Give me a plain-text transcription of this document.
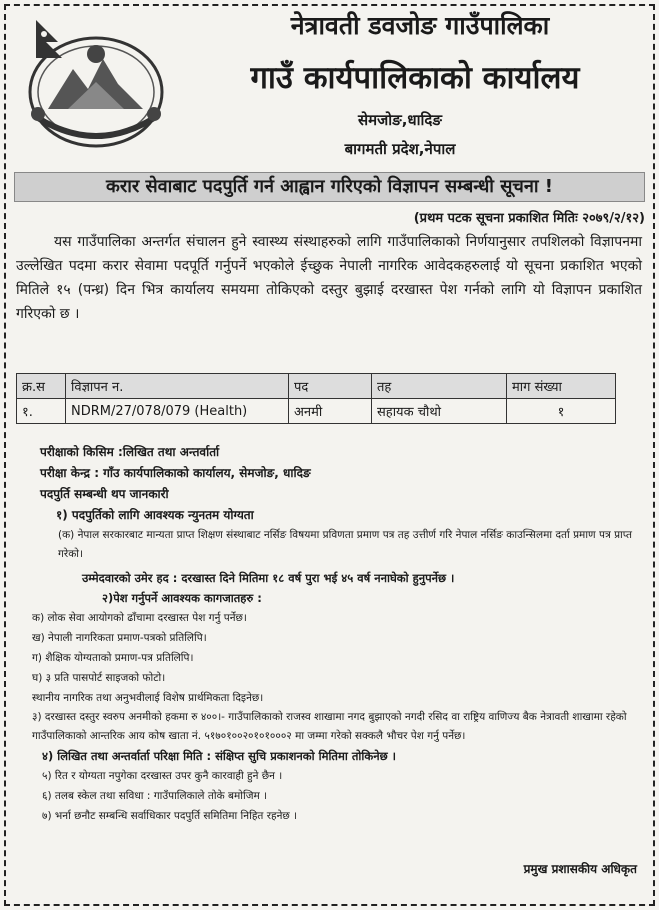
नेत्रावती डवजोङ गाउँपालिका
गाउँ कार्यपालिकाको कार्यालय
सेमजोङ,धादिङ
बागमती प्रदेश,नेपाल
करार सेवाबाट पदपुर्ति गर्न आह्वान गरिएको विज्ञापन सम्बन्धी सूचना !
(प्रथम पटक सूचना प्रकाशित मितिः २०७९/२/१२)

यस गाउँपालिका अन्तर्गत संचालन हुने स्वास्थ्य संस्थाहरुको लागि गाउँपालिकाको निर्णयानुसार तपशिलको विज्ञापनमा उल्लेखित पदमा करार सेवामा पदपूर्ति गर्नुपर्ने भएकोले ईच्छुक नेपाली नागरिक आवेदकहरुलाई यो सूचना प्रकाशित भएको मितिले १५ (पन्ध्र) दिन भित्र कार्यालय समयमा तोकिएको दस्तुर बुझाई दरखास्त पेश गर्नको लागि यो विज्ञापन प्रकाशित गरिएको छ ।

क्र.स	विज्ञापन न.	पद	तह	माग संख्या
१.	NDRM/27/078/079 (Health)	अनमी	सहायक चौथो	१
परीक्षाको किसिम :लिखित तथा अन्तर्वार्ता
परीक्षा केन्द्र : गाँउ कार्यपालिकाको कार्यालय, सेमजोङ, धादिङ
पदपुर्ति सम्बन्धी थप जानकारी
१) पदपुर्तिको लागि आवश्यक न्युनतम योग्यता
(क) नेपाल सरकारबाट मान्यता प्राप्त शिक्षण संस्थाबाट नर्सिङ विषयमा प्रविणता प्रमाण पत्र तह उत्तीर्ण गरि नेपाल नर्सिङ काउन्सिलमा दर्ता प्रमाण पत्र प्राप्त गरेको।
उम्मेदवारको उमेर हद : दरखास्त दिने मितिमा १८ वर्ष पुरा भई ४५ वर्ष ननाघेको हुनुपर्नेछ ।
२)पेश गर्नुपर्ने आवश्यक कागजातहरु :
क) लोक सेवा आयोगको ढाँचामा दरखास्त पेश गर्नु पर्नेछ।
ख) नेपाली नागरिकता प्रमाण-पत्रको प्रतिलिपि।
ग) शैक्षिक योग्यताको प्रमाण-पत्र प्रतिलिपि।
घ) ३ प्रति पासपोर्ट साइजको फोटो।
स्थानीय नागरिक तथा अनुभवीलाई विशेष प्रार्थमिकता दिइनेछ।
३) दरखास्त दस्तुर स्वरुप अनमीको हकमा रु ४००।- गाउँपालिकाको राजस्व शाखामा नगद बुझाएको नगदी रसिद वा राष्ट्रिय वाणिज्य बैक नेत्रावती शाखामा रहेको गाउँपालिकाको आन्तरिक आय कोष खाता नं. ५१७०१००२०१०१०००२ मा जम्मा गरेको सक्कलै भौचर पेश गर्नु पर्नेछ।
४) लिखित तथा अन्तर्वार्ता परिक्षा मिति : संक्षिप्त सुचि प्रकाशनको मितिमा तोकिनेछ ।
५) रित र योग्यता नपुगेका दरखास्त उपर कुनै कारवाही हुने छैन ।
६) तलब स्केल तथा सविधा : गाउँपालिकाले तोके बमोजिम ।
७) भर्ना छनौट सम्बन्धि सर्वाधिकार पदपुर्ति समितिमा निहित रहनेछ ।
प्रमुख प्रशासकीय अधिकृत
